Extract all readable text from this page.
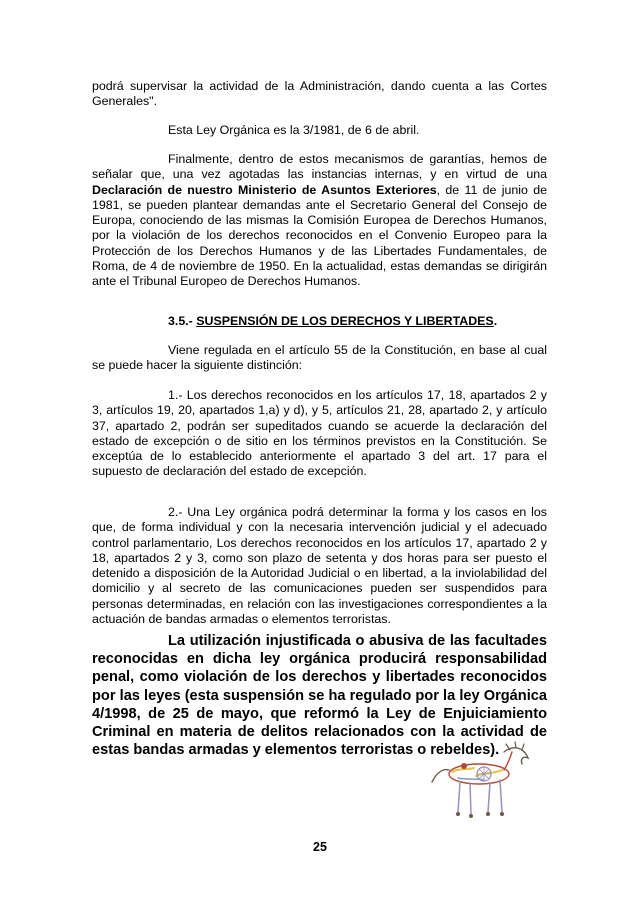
podrá supervisar la actividad de la Administración, dando cuenta a las Cortes Generales".

Esta Ley Orgánica es la 3/1981, de 6 de abril.

Finalmente, dentro de estos mecanismos de garantías, hemos de señalar que, una vez agotadas las instancias internas, y en virtud de una Declaración de nuestro Ministerio de Asuntos Exteriores, de 11 de junio de 1981, se pueden plantear demandas ante el Secretario General del Consejo de Europa, conociendo de las mismas la Comisión Europea de Derechos Humanos, por la violación de los derechos reconocidos en el Convenio Europeo para la Protección de los Derechos Humanos y de las Libertades Fundamentales, de Roma, de 4 de noviembre de 1950. En la actualidad, estas demandas se dirigirán ante el Tribunal Europeo de Derechos Humanos.

3.5.- SUSPENSIÓN DE LOS DERECHOS Y LIBERTADES.

Viene regulada en el artículo 55 de la Constitución, en base al cual se puede hacer la siguiente distinción:

1.- Los derechos reconocidos en los artículos 17, 18, apartados 2 y 3, artículos 19, 20, apartados 1,a) y d), y 5, artículos 21, 28, apartado 2, y artículo 37, apartado 2, podrán ser supeditados cuando se acuerde la declaración del estado de excepción o de sitio en los términos previstos en la Constitución. Se exceptúa de lo establecido anteriormente el apartado 3 del art. 17 para el supuesto de declaración del estado de excepción.

2.- Una Ley orgánica podrá determinar la forma y los casos en los que, de forma individual y con la necesaria intervención judicial y el adecuado control parlamentario, Los derechos reconocidos en los artículos 17, apartado 2 y 18, apartados 2 y 3, como son plazo de setenta y dos horas para ser puesto el detenido a disposición de la Autoridad Judicial o en libertad, a la inviolabilidad del domicilio y al secreto de las comunicaciones pueden ser suspendidos para personas determinadas, en relación con las investigaciones correspondientes a la actuación de bandas armadas o elementos terroristas.

La utilización injustificada o abusiva de las facultades reconocidas en dicha ley orgánica producirá responsabilidad penal, como violación de los derechos y libertades reconocidos por las leyes (esta suspensión se ha regulado por la ley Orgánica 4/1998, de 25 de mayo, que reformó la Ley de Enjuiciamiento Criminal en materia de delitos relacionados con la actividad de estas bandas armadas y elementos terroristas o rebeldes).

25
